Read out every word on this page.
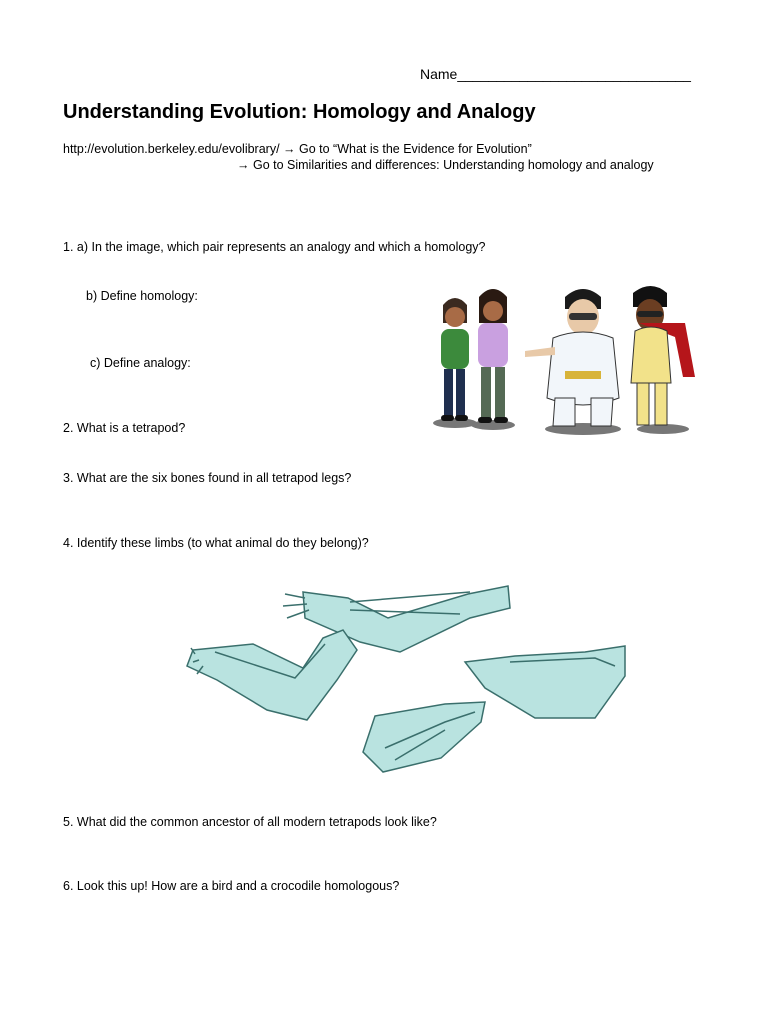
Name______________________________
Understanding Evolution: Homology and Analogy
http://evolution.berkeley.edu/evolibrary/ → Go to “What is the Evidence for Evolution”
→ Go to Similarities and differences: Understanding homology and analogy
1. a) In the image, which pair represents an analogy and which a homology?
b) Define homology:
c) Define analogy:
2. What is a tetrapod?
3. What are the six bones found in all tetrapod legs?
4. Identify these limbs (to what animal do they belong)?
5. What did the common ancestor of all modern tetrapods look like?
6. Look this up! How are a bird and a crocodile homologous?
